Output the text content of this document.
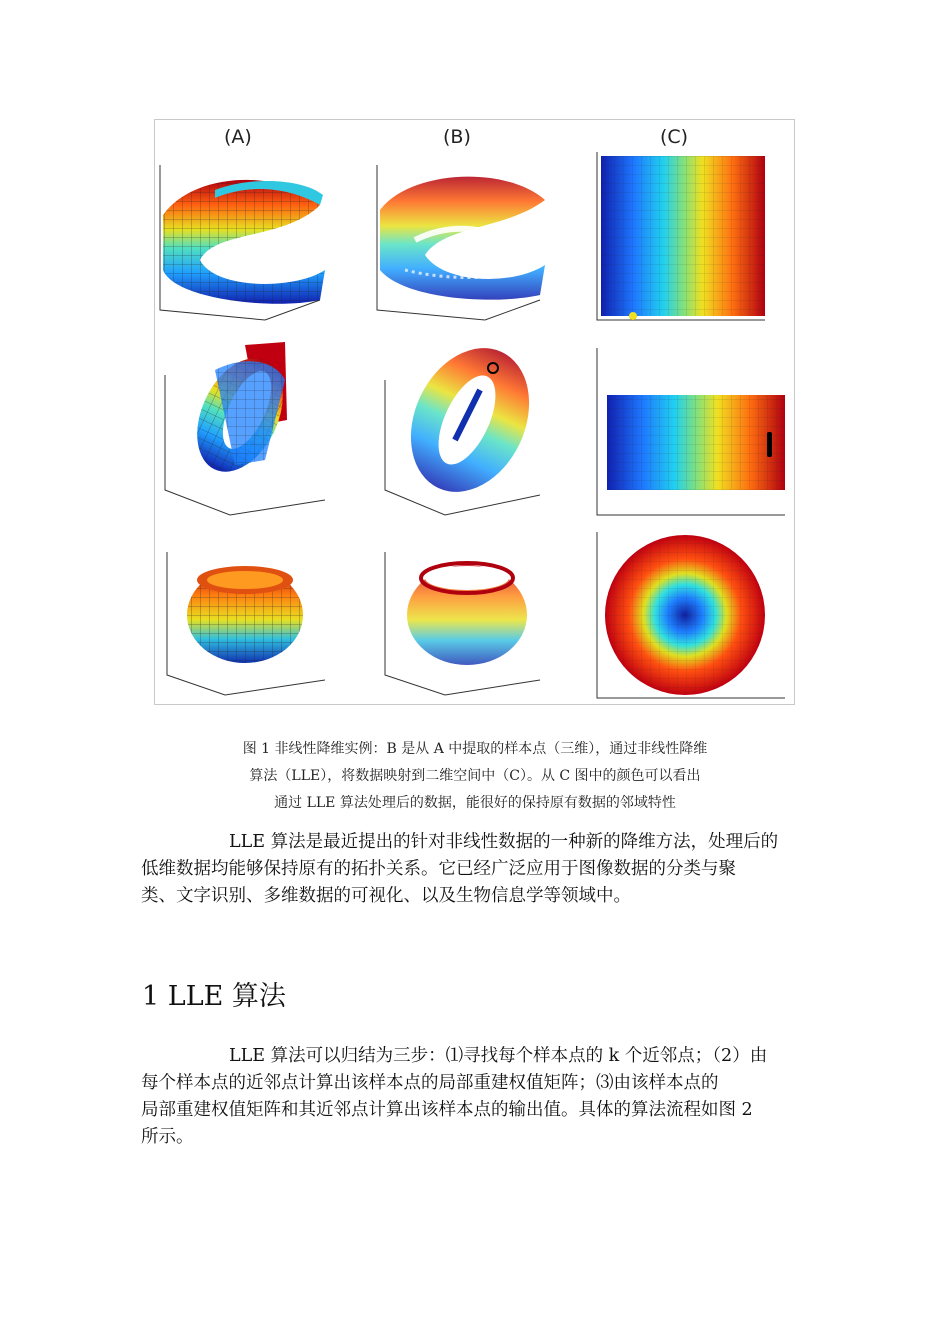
(A)	(B)	(C)
图 1 非线性降维实例：B 是从 A 中提取的样本点（三维），通过非线性降维
算法（LLE），将数据映射到二维空间中（C）。从 C 图中的颜色可以看出
通过 LLE 算法处理后的数据，能很好的保持原有数据的邻域特性
LLE 算法是最近提出的针对非线性数据的一种新的降维方法，处理后的
低维数据均能够保持原有的拓扑关系。它已经广泛应用于图像数据的分类与聚
类、文字识别、多维数据的可视化、以及生物信息学等领域中。
1 LLE 算法
LLE 算法可以归结为三步：⑴寻找每个样本点的 k 个近邻点；（2）由
每个样本点的近邻点计算出该样本点的局部重建权值矩阵；⑶由该样本点的
局部重建权值矩阵和其近邻点计算出该样本点的输出值。具体的算法流程如图 2
所示。
